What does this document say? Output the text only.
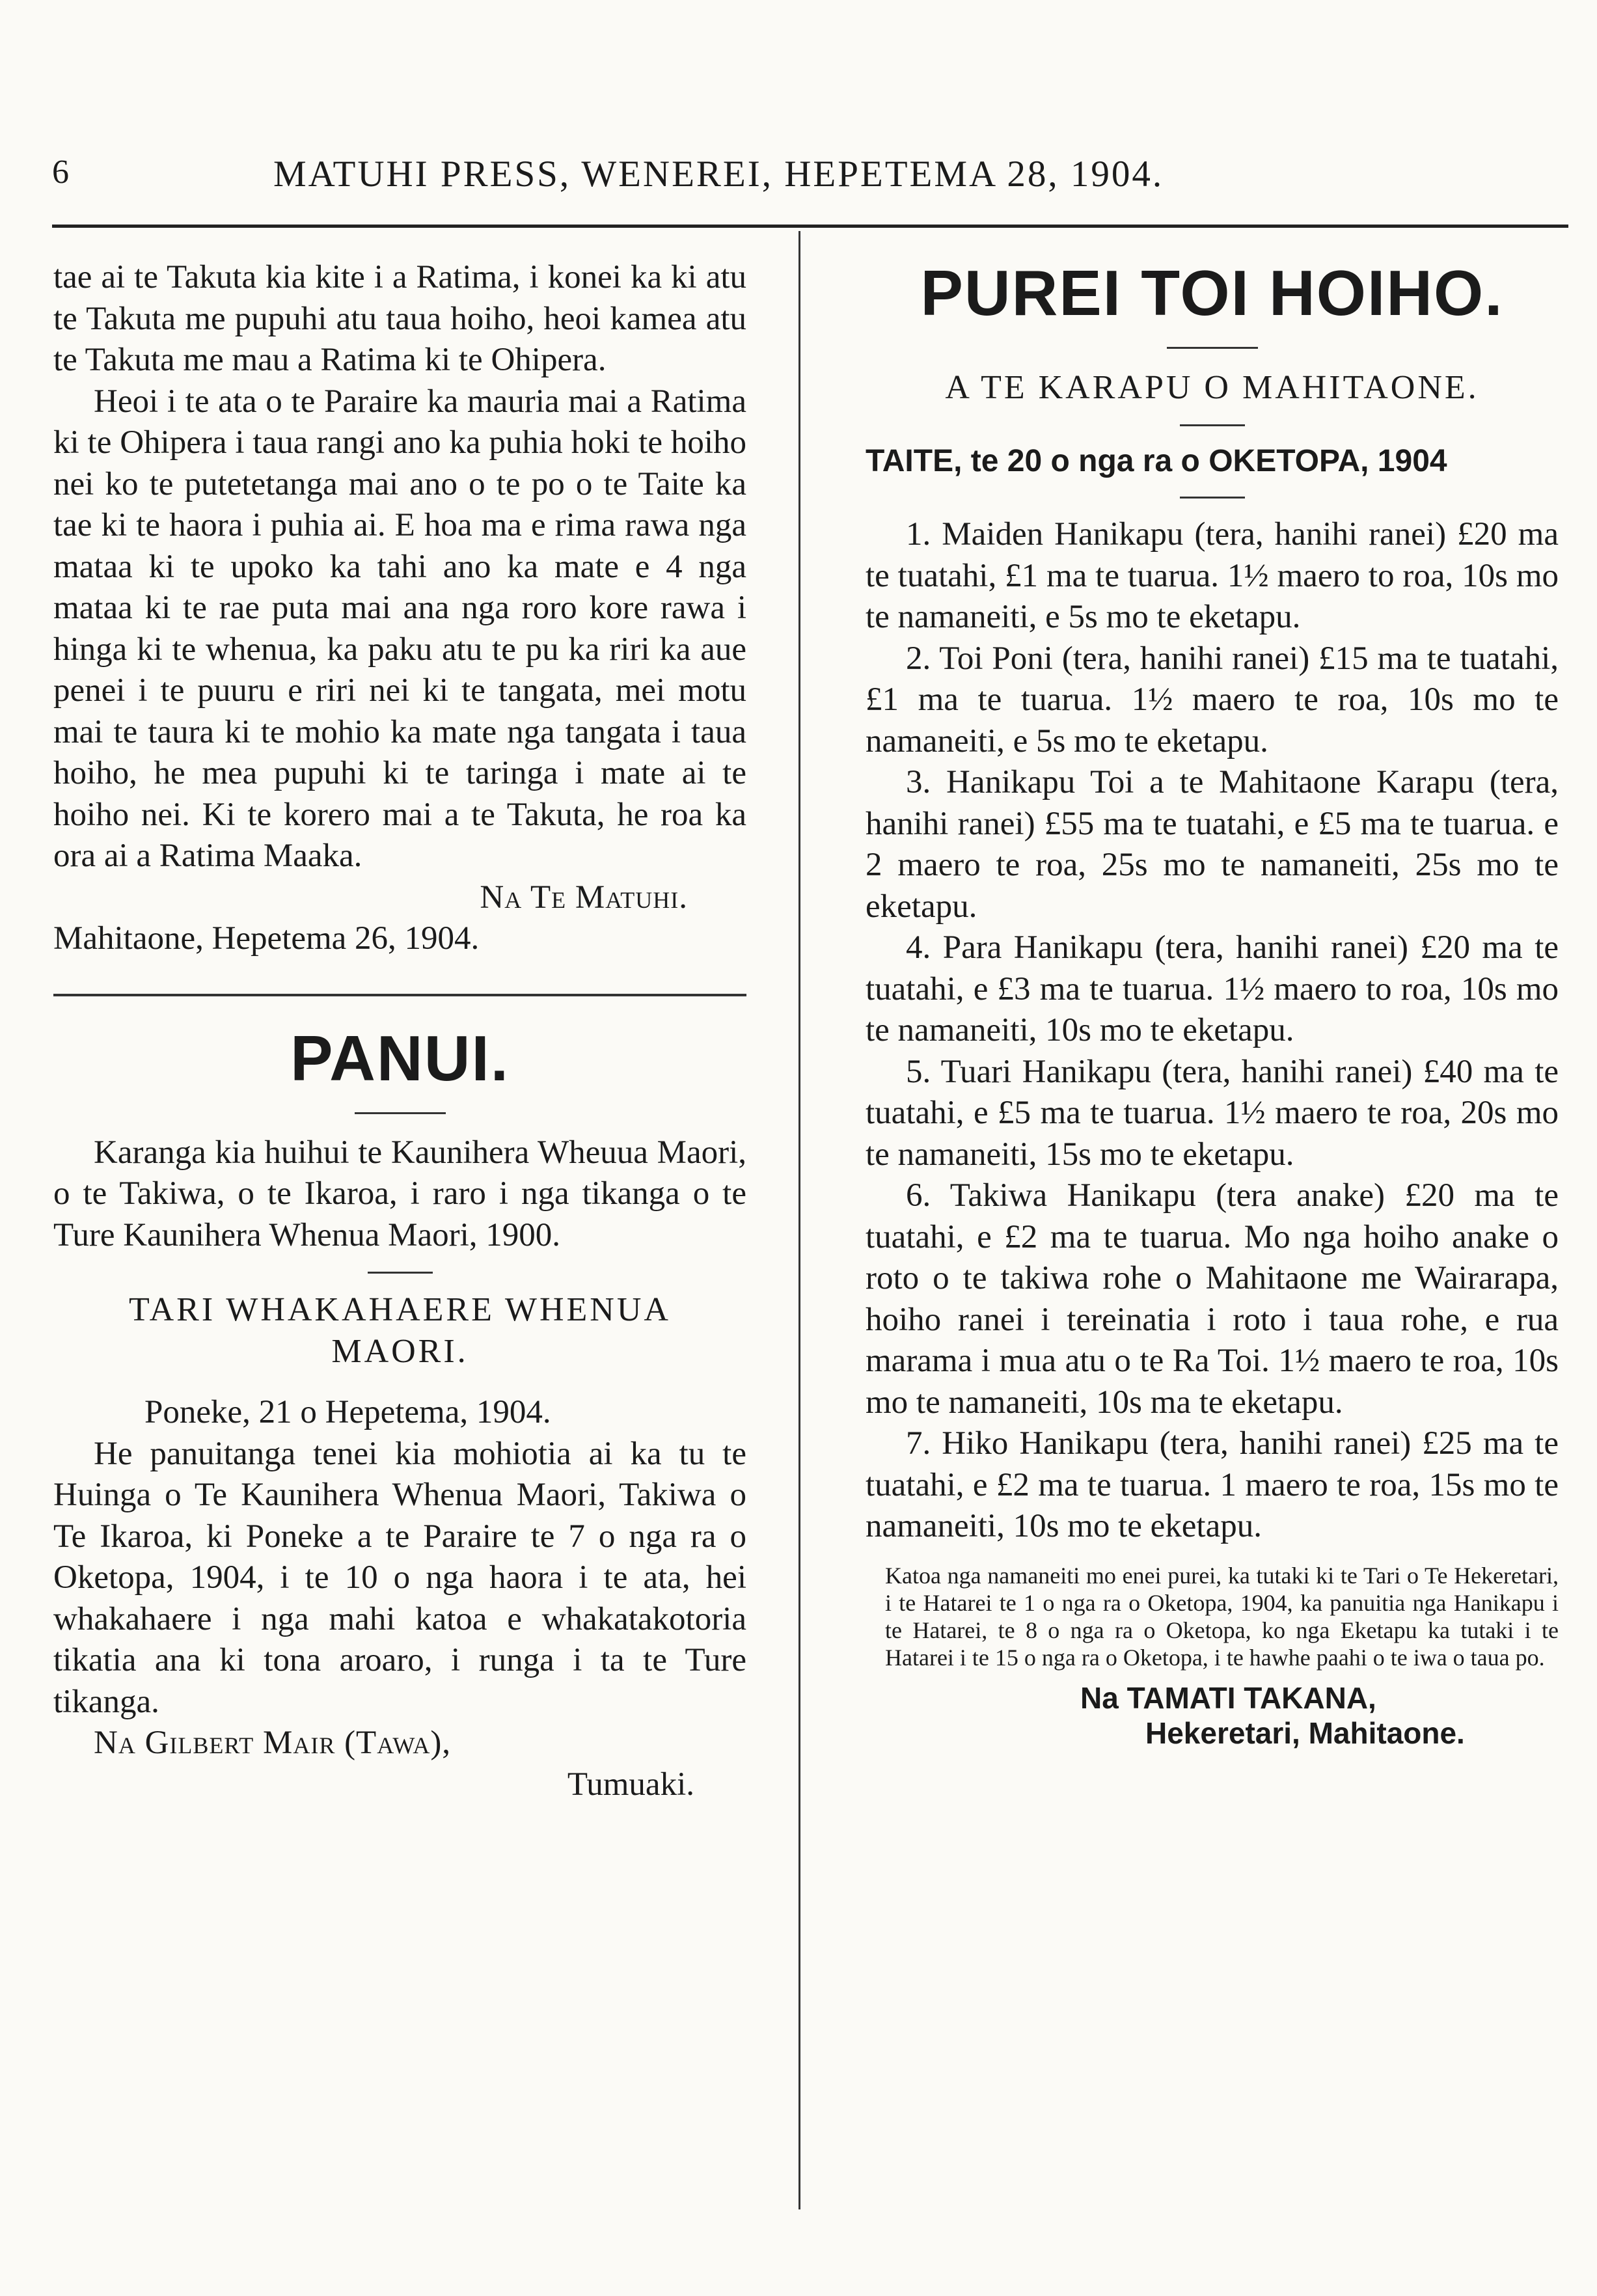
6	MATUHI PRESS, WENEREI, HEPETEMA 28, 1904.

tae ai te Takuta kia kite i a Ratima, i konei ka ki atu te Takuta me pupuhi atu taua hoiho, heoi kamea atu te Takuta me mau a Ratima ki te Ohipera.

Heoi i te ata o te Paraire ka mauria mai a Ratima ki te Ohipera i taua rangi ano ka puhia hoki te hoiho nei ko te putetetanga mai ano o te po o te Taite ka tae ki te haora i puhia ai. E hoa ma e rima rawa nga mataa ki te upoko ka tahi ano ka mate e 4 nga mataa ki te rae puta mai ana nga roro kore rawa i hinga ki te whenua, ka paku atu te pu ka riri ka aue penei i te puuru e riri nei ki te tangata, mei motu mai te taura ki te mohio ka mate nga tangata i taua hoiho, he mea pupuhi ki te taringa i mate ai te hoiho nei. Ki te korero mai a te Takuta, he roa ka ora ai a Ratima Maaka.

Na Te Matuhi.

Mahitaone, Hepetema 26, 1904.

PANUI.

Karanga kia huihui te Kaunihera Wheuua Maori, o te Takiwa, o te Ikaroa, i raro i nga tikanga o te Ture Kaunihera Whenua Maori, 1900.

TARI WHAKAHAERE WHENUA

MAORI.

Poneke, 21 o Hepetema, 1904.

He panuitanga tenei kia mohiotia ai ka tu te Huinga o Te Kaunihera Whenua Maori, Takiwa o Te Ikaroa, ki Poneke a te Paraire te 7 o nga ra o Oketopa, 1904, i te 10 o nga haora i te ata, hei whakahaere i nga mahi katoa e whakatakotoria tikatia ana ki tona aroaro, i runga i ta te Ture tikanga.

Na Gilbert Mair (Tawa),

Tumuaki.

PUREI TOI HOIHO.

A TE KARAPU O MAHITAONE.

TAITE, te 20 o nga ra o OKETOPA, 1904

1. Maiden Hanikapu (tera, hanihi ranei) £20 ma te tuatahi, £1 ma te tuarua. 1½ maero to roa, 10s mo te namaneiti, e 5s mo te eketapu.

2. Toi Poni (tera, hanihi ranei) £15 ma te tuatahi, £1 ma te tuarua. 1½ maero te roa, 10s mo te namaneiti, e 5s mo te eketapu.

3. Hanikapu Toi a te Mahitaone Karapu (tera, hanihi ranei) £55 ma te tuatahi, e £5 ma te tuarua. e 2 maero te roa, 25s mo te namaneiti, 25s mo te eketapu.

4. Para Hanikapu (tera, hanihi ranei) £20 ma te tuatahi, e £3 ma te tuarua. 1½ maero to roa, 10s mo te namaneiti, 10s mo te eketapu.

5. Tuari Hanikapu (tera, hanihi ranei) £40 ma te tuatahi, e £5 ma te tuarua. 1½ maero te roa, 20s mo te namaneiti, 15s mo te eketapu.

6. Takiwa Hanikapu (tera anake) £20 ma te tuatahi, e £2 ma te tuarua. Mo nga hoiho anake o roto o te takiwa rohe o Mahitaone me Wairarapa, hoiho ranei i tereinatia i roto i taua rohe, e rua marama i mua atu o te Ra Toi. 1½ maero te roa, 10s mo te namaneiti, 10s ma te eketapu.

7. Hiko Hanikapu (tera, hanihi ranei) £25 ma te tuatahi, e £2 ma te tuarua. 1 maero te roa, 15s mo te namaneiti, 10s mo te eketapu.

Katoa nga namaneiti mo enei purei, ka tutaki ki te Tari o Te Hekeretari, i te Hatarei te 1 o nga ra o Oketopa, 1904, ka panuitia nga Hanikapu i te Hatarei, te 8 o nga ra o Oketopa, ko nga Eketapu ka tutaki i te Hatarei i te 15 o nga ra o Oketopa, i te hawhe paahi o te iwa o taua po.

Na TAMATI TAKANA,
Hekeretari, Mahitaone.
